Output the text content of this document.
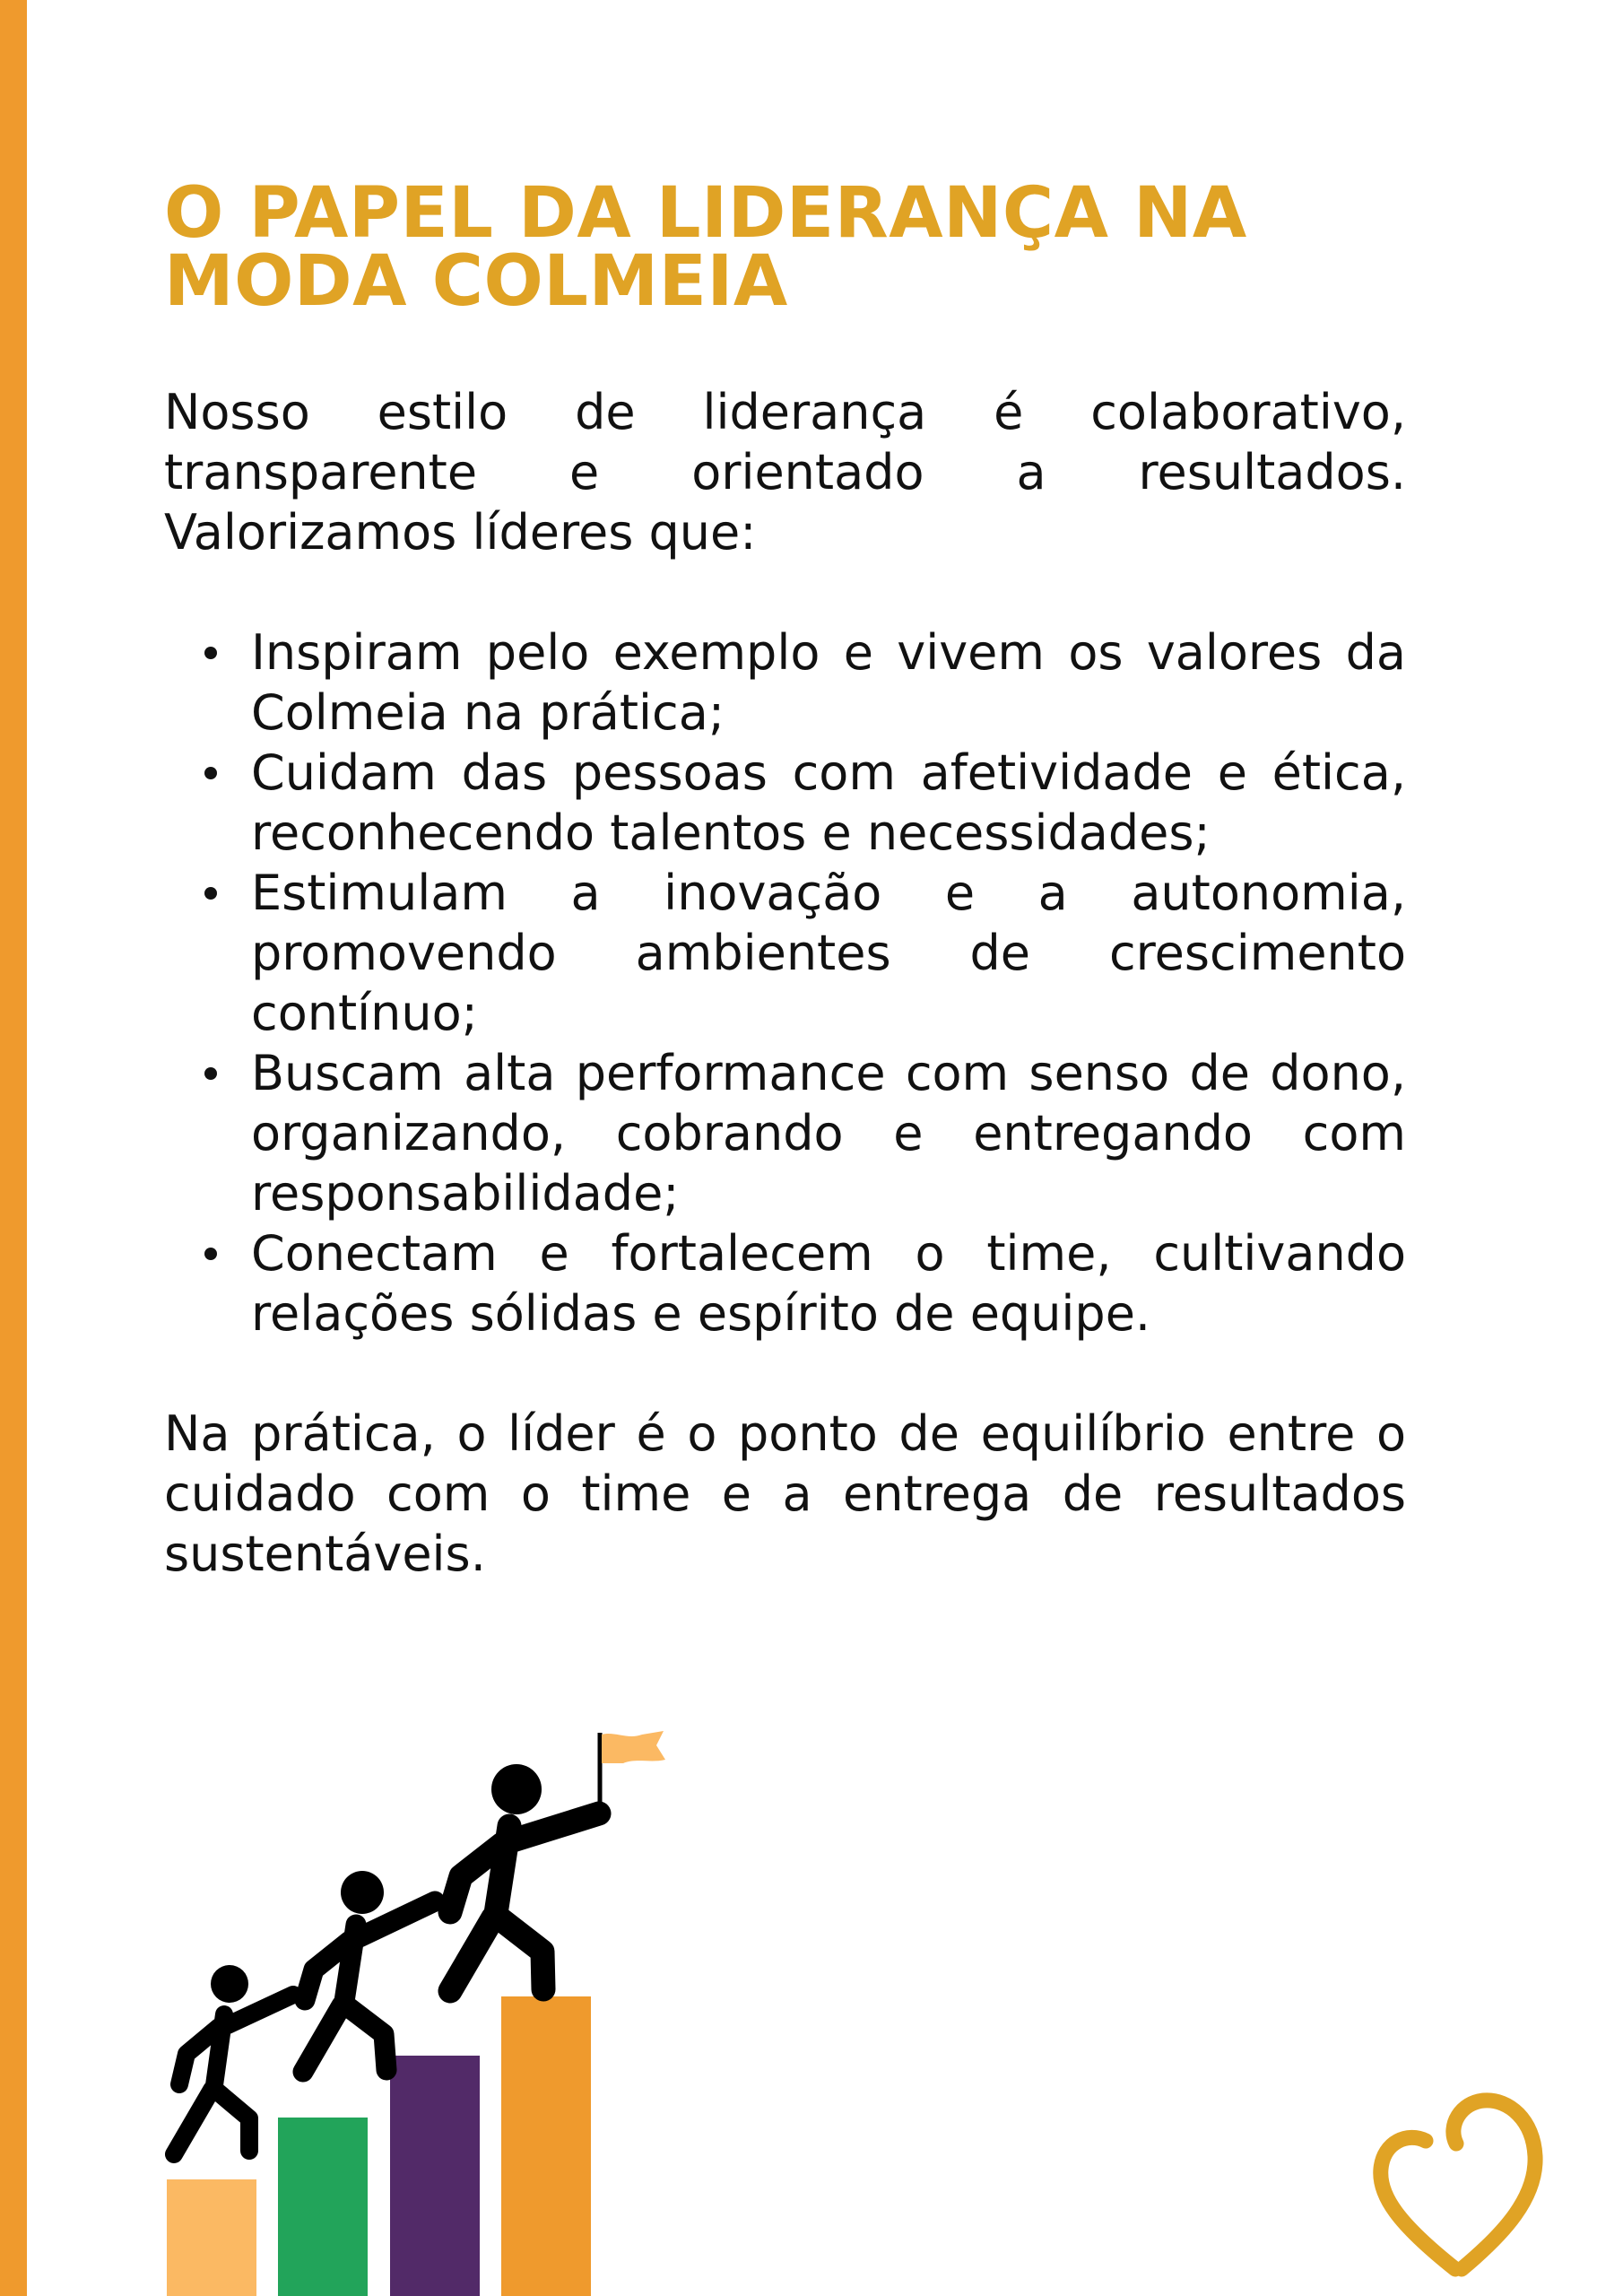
O PAPEL DA LIDERANÇA NA
MODA COLMEIA

Nosso estilo de liderança é colaborativo, transparente e orientado a resultados. Valorizamos líderes que:

Inspiram pelo exemplo e vivem os valores da Colmeia na prática;
Cuidam das pessoas com afetividade e ética, reconhecendo talentos e necessidades;
Estimulam a inovação e a autonomia, promovendo ambientes de crescimento contínuo;
Buscam alta performance com senso de dono, organizando, cobrando e entregando com responsabilidade;
Conectam e fortalecem o time, cultivando relações sólidas e espírito de equipe.

Na prática, o líder é o ponto de equilíbrio entre o cuidado com o time e a entrega de resultados sustentáveis.
